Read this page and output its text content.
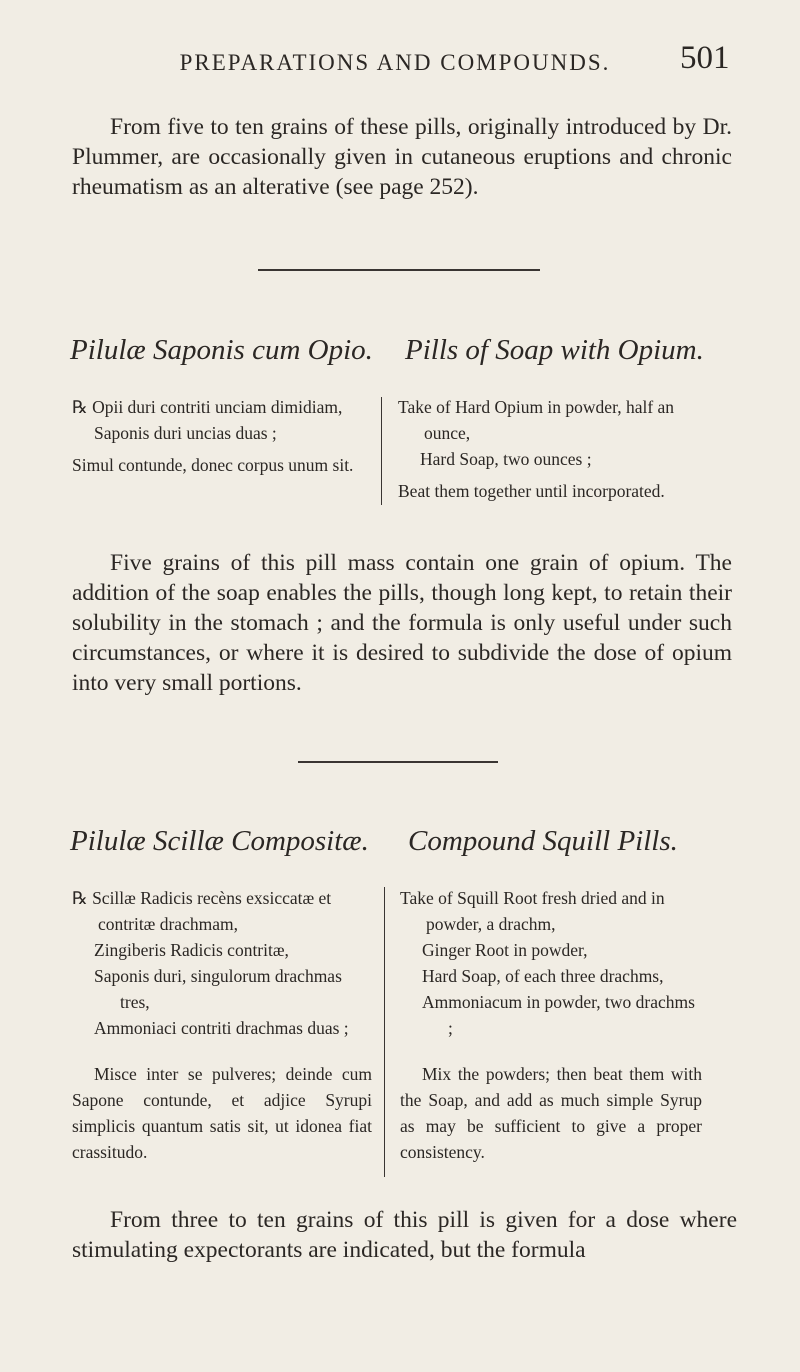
PREPARATIONS AND COMPOUNDS.	501

From five to ten grains of these pills, originally introduced by Dr. Plummer, are occasionally given in cutaneous eruptions and chronic rheumatism as an alterative (see page 252).

Pilulæ Saponis cum Opio. Pills of Soap with Opium.

℞ Opii duri contriti unciam dimidiam,

Saponis duri uncias duas ;

Simul contunde, donec corpus unum sit.

Take of Hard Opium in powder, half an ounce,

Hard Soap, two ounces ;

Beat them together until incorporated.

Five grains of this pill mass contain one grain of opium. The addition of the soap enables the pills, though long kept, to retain their solubility in the stomach ; and the formula is only useful under such circumstances, or where it is desired to subdivide the dose of opium into very small portions.

Pilulæ Scillæ Compositæ. Compound Squill Pills.

℞ Scillæ Radicis recèns exsiccatæ et contritæ drachmam,

Zingiberis Radicis contritæ,

Saponis duri, singulorum drachmas tres,

Ammoniaci contriti drachmas duas ;

Misce inter se pulveres; deinde cum Sapone contunde, et adjice Syrupi simplicis quantum satis sit, ut idonea fiat crassitudo.

Take of Squill Root fresh dried and in powder, a drachm,

Ginger Root in powder,

Hard Soap, of each three drachms,

Ammoniacum in powder, two drachms ;

Mix the powders; then beat them with the Soap, and add as much simple Syrup as may be sufficient to give a proper consistency.

From three to ten grains of this pill is given for a dose where stimulating expectorants are indicated, but the formula
